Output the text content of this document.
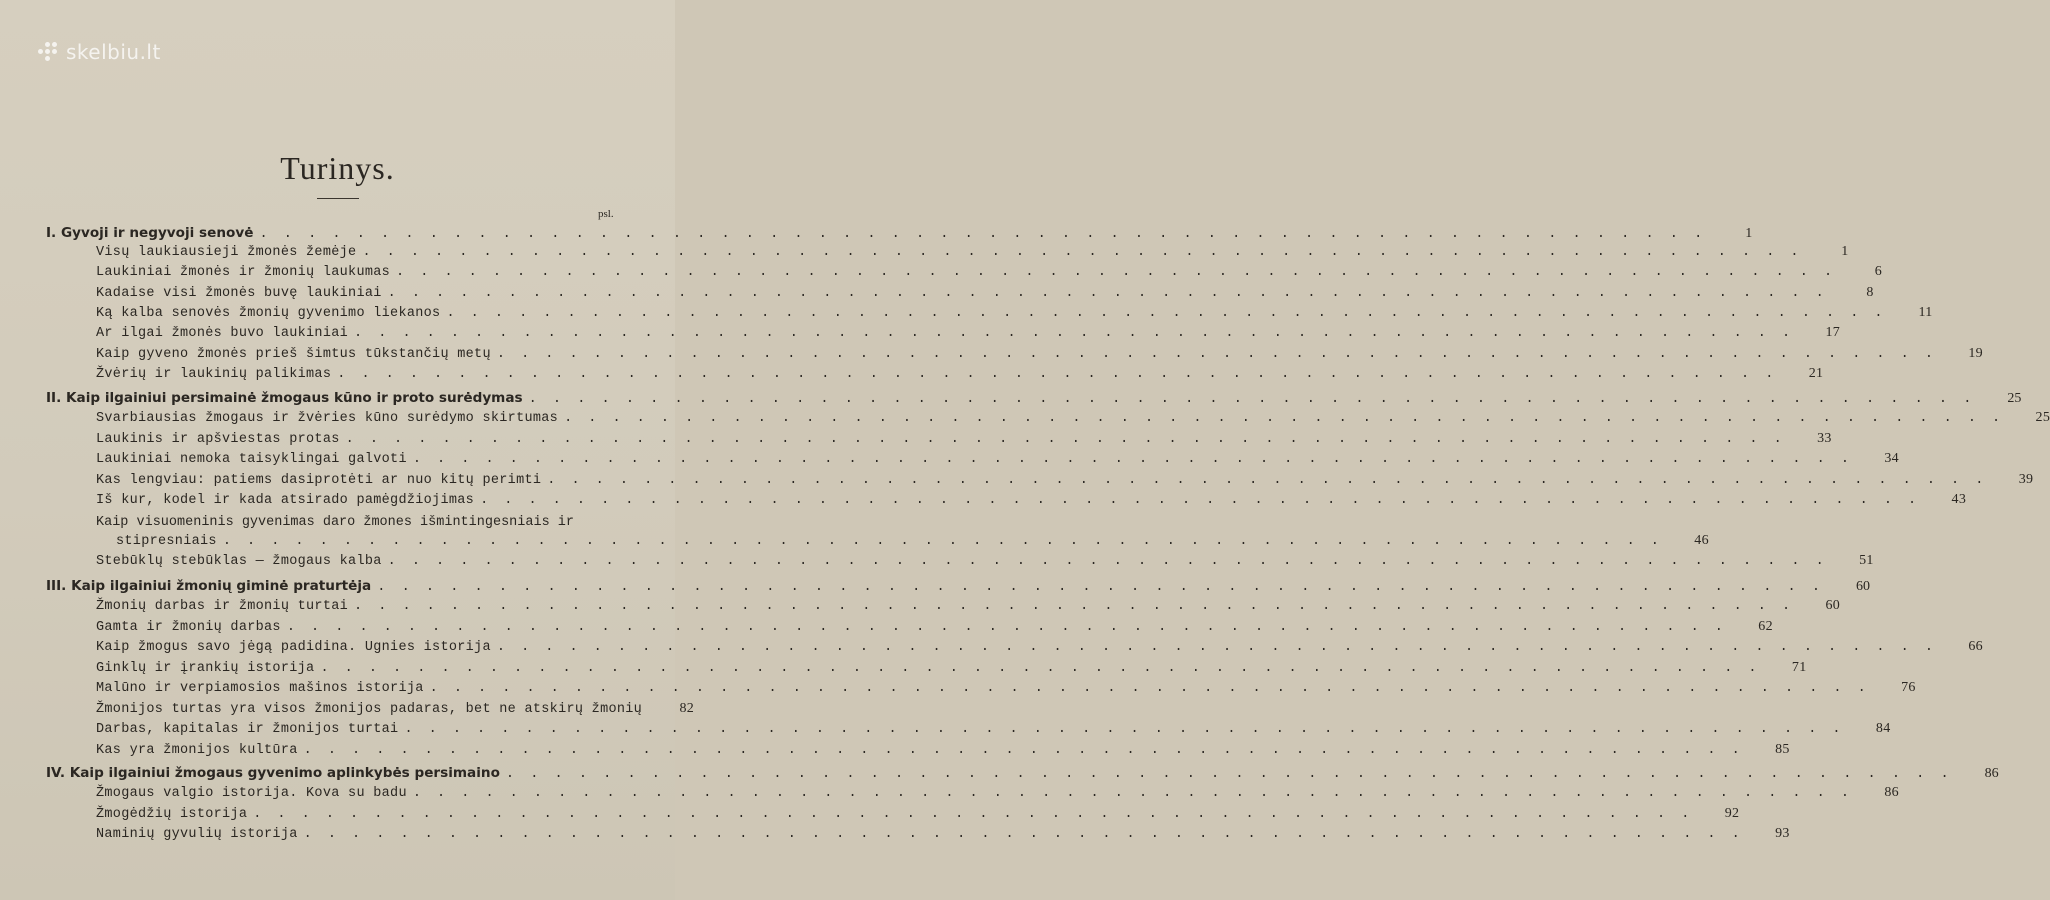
skelbiu.lt
Turinys.
psl.
I. Gyvoji ir negyvoji senovė . . . . . . . . . . . . . . . . . . . . . . . . . . . . . . . . . . . . . . . . . . . . . . . . . . . . . . . . . . . .	1
Visų laukiausieji žmonės žemėje . . . . . . . . . . . . . . . . . . . . . . . . . . . . . . . . . . . . . . . . . . . . . . . . . . . . . . . . . . . .	1
Laukiniai žmonės ir žmonių laukumas . . . . . . . . . . . . . . . . . . . . . . . . . . . . . . . . . . . . . . . . . . . . . . . . . . . . . . . . . . . .	6
Kadaise visi žmonės buvę laukiniai . . . . . . . . . . . . . . . . . . . . . . . . . . . . . . . . . . . . . . . . . . . . . . . . . . . . . . . . . . . .	8
Ką kalba senovės žmonių gyvenimo liekanos . . . . . . . . . . . . . . . . . . . . . . . . . . . . . . . . . . . . . . . . . . . . . . . . . . . . . . . . . . . .	11
Ar ilgai žmonės buvo laukiniai . . . . . . . . . . . . . . . . . . . . . . . . . . . . . . . . . . . . . . . . . . . . . . . . . . . . . . . . . . . .	17
Kaip gyveno žmonės prieš šimtus tūkstančių metų . . . . . . . . . . . . . . . . . . . . . . . . . . . . . . . . . . . . . . . . . . . . . . . . . . . . . . . . . . . .	19
Žvėrių ir laukinių palikimas . . . . . . . . . . . . . . . . . . . . . . . . . . . . . . . . . . . . . . . . . . . . . . . . . . . . . . . . . . . .	21
II. Kaip ilgainiui persimainė žmogaus kūno ir proto surėdymas . . . . . . . . . . . . . . . . . . . . . . . . . . . . . . . . . . . . . . . . . . . . . . . . . . . . . . . . . . . .	25
Svarbiausias žmogaus ir žvėries kūno surėdymo skirtumas . . . . . . . . . . . . . . . . . . . . . . . . . . . . . . . . . . . . . . . . . . . . . . . . . . . . . . . . . . . .	25
Laukinis ir apšviestas protas . . . . . . . . . . . . . . . . . . . . . . . . . . . . . . . . . . . . . . . . . . . . . . . . . . . . . . . . . . . .	33
Laukiniai nemoka taisyklingai galvoti . . . . . . . . . . . . . . . . . . . . . . . . . . . . . . . . . . . . . . . . . . . . . . . . . . . . . . . . . . . .	34
Kas lengviau: patiems dasiprotėti ar nuo kitų perimti . . . . . . . . . . . . . . . . . . . . . . . . . . . . . . . . . . . . . . . . . . . . . . . . . . . . . . . . . . . .	39
Iš kur, kodel ir kada atsirado pamėgdžiojimas . . . . . . . . . . . . . . . . . . . . . . . . . . . . . . . . . . . . . . . . . . . . . . . . . . . . . . . . . . . .	43
Kaip visuomeninis gyvenimas daro žmones išmintingesniais ir
stipresniais . . . . . . . . . . . . . . . . . . . . . . . . . . . . . . . . . . . . . . . . . . . . . . . . . . . . . . . . . . . .	46
Stebūklų stebūklas — žmogaus kalba . . . . . . . . . . . . . . . . . . . . . . . . . . . . . . . . . . . . . . . . . . . . . . . . . . . . . . . . . . . .	51
III. Kaip ilgainiui žmonių giminė praturtėja . . . . . . . . . . . . . . . . . . . . . . . . . . . . . . . . . . . . . . . . . . . . . . . . . . . . . . . . . . . .	60
Žmonių darbas ir žmonių turtai . . . . . . . . . . . . . . . . . . . . . . . . . . . . . . . . . . . . . . . . . . . . . . . . . . . . . . . . . . . .	60
Gamta ir žmonių darbas . . . . . . . . . . . . . . . . . . . . . . . . . . . . . . . . . . . . . . . . . . . . . . . . . . . . . . . . . . . .	62
Kaip žmogus savo jėgą padidina. Ugnies istorija . . . . . . . . . . . . . . . . . . . . . . . . . . . . . . . . . . . . . . . . . . . . . . . . . . . . . . . . . . . .	66
Ginklų ir įrankių istorija . . . . . . . . . . . . . . . . . . . . . . . . . . . . . . . . . . . . . . . . . . . . . . . . . . . . . . . . . . . .	71
Malūno ir verpiamosios mašinos istorija . . . . . . . . . . . . . . . . . . . . . . . . . . . . . . . . . . . . . . . . . . . . . . . . . . . . . . . . . . . .	76
Žmonijos turtas yra visos žmonijos padaras, bet ne atskirų žmonių	82
Darbas, kapitalas ir žmonijos turtai . . . . . . . . . . . . . . . . . . . . . . . . . . . . . . . . . . . . . . . . . . . . . . . . . . . . . . . . . . . .	84
Kas yra žmonijos kultūra . . . . . . . . . . . . . . . . . . . . . . . . . . . . . . . . . . . . . . . . . . . . . . . . . . . . . . . . . . . .	85
IV. Kaip ilgainiui žmogaus gyvenimo aplinkybės persimaino . . . . . . . . . . . . . . . . . . . . . . . . . . . . . . . . . . . . . . . . . . . . . . . . . . . . . . . . . . . .	86
Žmogaus valgio istorija. Kova su badu . . . . . . . . . . . . . . . . . . . . . . . . . . . . . . . . . . . . . . . . . . . . . . . . . . . . . . . . . . . .	86
Žmogėdžių istorija . . . . . . . . . . . . . . . . . . . . . . . . . . . . . . . . . . . . . . . . . . . . . . . . . . . . . . . . . . . .	92
Naminių gyvulių istorija . . . . . . . . . . . . . . . . . . . . . . . . . . . . . . . . . . . . . . . . . . . . . . . . . . . . . . . . . . . .	93
